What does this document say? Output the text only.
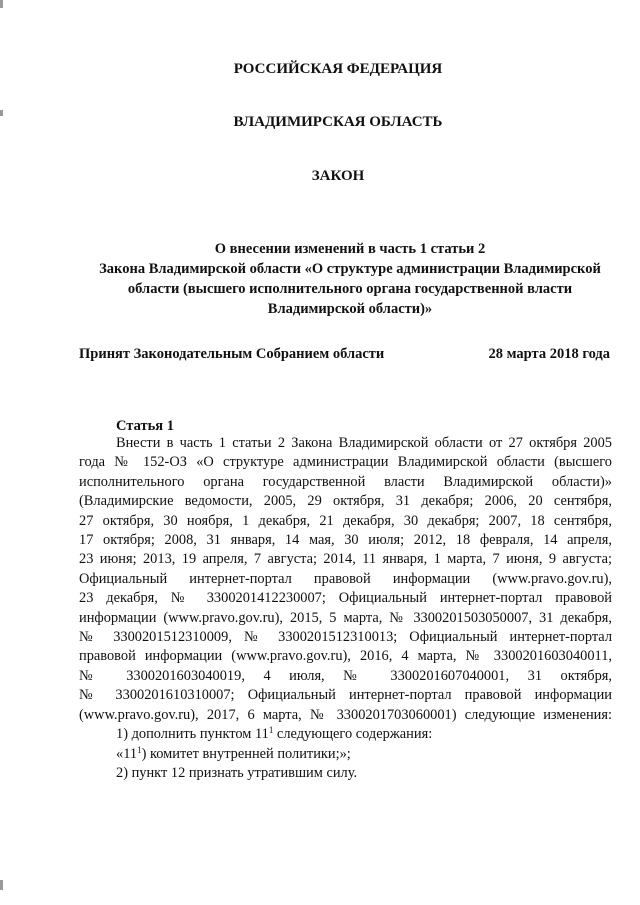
РОССИЙСКАЯ ФЕДЕРАЦИЯ
ВЛАДИМИРСКАЯ ОБЛАСТЬ
ЗАКОН
О внесении изменений в часть 1 статьи 2
Закона Владимирской области «О структуре администрации Владимирской
области (высшего исполнительного органа государственной власти
Владимирской области)»
Принят Законодательным Собранием области	28 марта 2018 года
Статья 1
Внести в часть 1 статьи 2 Закона Владимирской области от 27 октября 2005
года № 152-ОЗ «О структуре администрации Владимирской области (высшего
исполнительного органа государственной власти Владимирской области)»
(Владимирские ведомости, 2005, 29 октября, 31 декабря; 2006, 20 сентября,
27 октября, 30 ноября, 1 декабря, 21 декабря, 30 декабря; 2007, 18 сентября,
17 октября; 2008, 31 января, 14 мая, 30 июля; 2012, 18 февраля, 14 апреля,
23 июня; 2013, 19 апреля, 7 августа; 2014, 11 января, 1 марта, 7 июня, 9 августа;
Официальный интернет-портал правовой информации (www.pravo.gov.ru),
23 декабря, № 3300201412230007; Официальный интернет-портал правовой
информации (www.pravo.gov.ru), 2015, 5 марта, № 3300201503050007, 31 декабря,
№ 3300201512310009, № 3300201512310013; Официальный интернет-портал
правовой информации (www.pravo.gov.ru), 2016, 4 марта, № 3300201603040011,
№ 3300201603040019, 4 июля, № 3300201607040001, 31 октября,
№ 3300201610310007; Официальный интернет-портал правовой информации
(www.pravo.gov.ru), 2017, 6 марта, № 3300201703060001) следующие изменения:
1) дополнить пунктом $11^1$ следующего содержания:
«$11^1$) комитет внутренней политики;»;
2) пункт 12 признать утратившим силу.
